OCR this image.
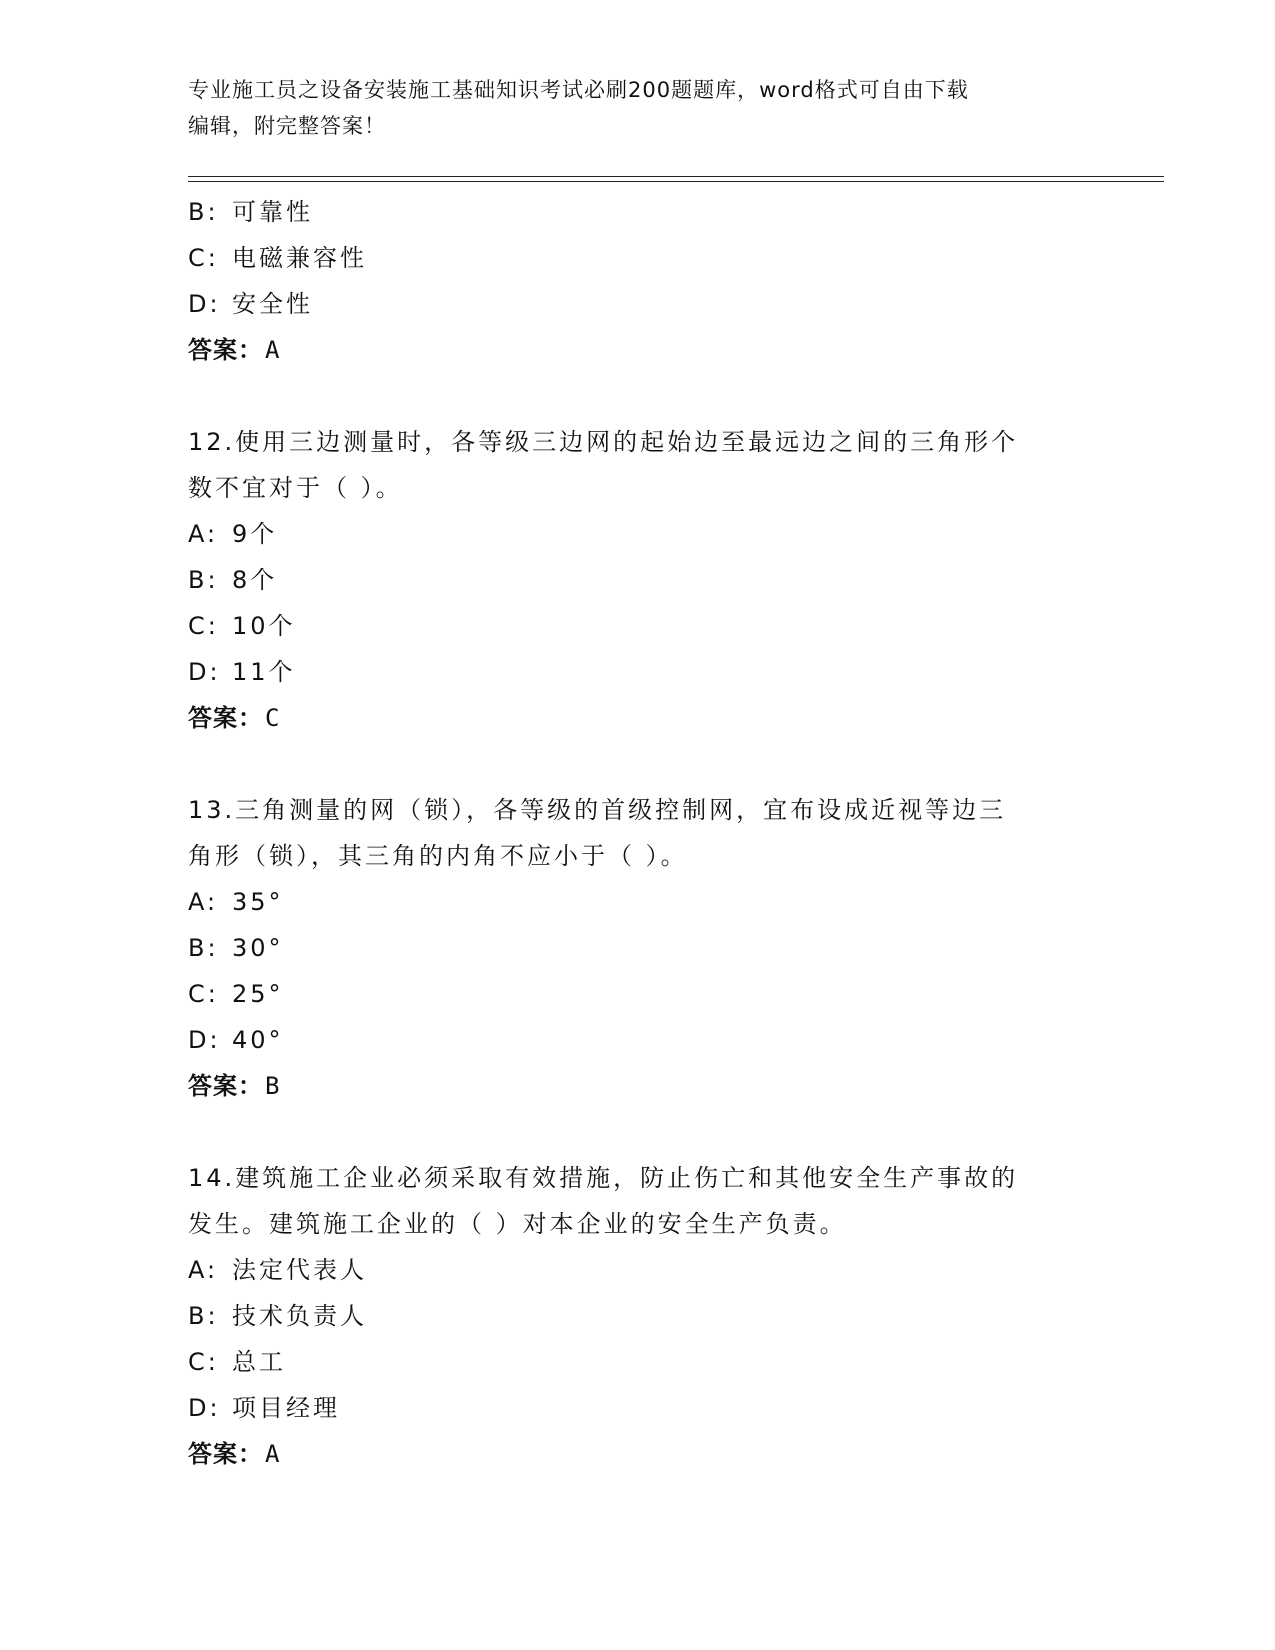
专业施工员之设备安装施工基础知识考试必刷200题题库，word格式可自由下载
编辑，附完整答案！
B: 可靠性
C: 电磁兼容性
D: 安全性
答案：A
12.使用三边测量时，各等级三边网的起始边至最远边之间的三角形个
数不宜对于（ ）。
A: 9个
B: 8个
C: 10个
D: 11个
答案：C
13.三角测量的网（锁），各等级的首级控制网，宜布设成近视等边三
角形（锁），其三角的内角不应小于（ ）。
A: 35°
B: 30°
C: 25°
D: 40°
答案：B
14.建筑施工企业必须采取有效措施，防止伤亡和其他安全生产事故的
发生。建筑施工企业的（ ）对本企业的安全生产负责。
A: 法定代表人
B: 技术负责人
C: 总工
D: 项目经理
答案：A
